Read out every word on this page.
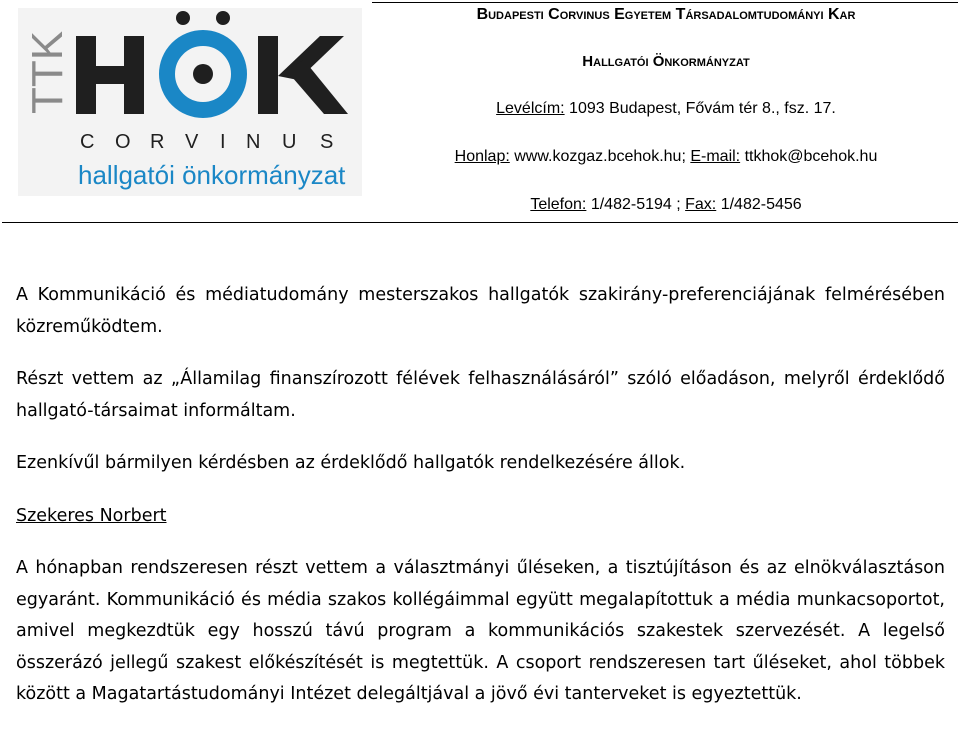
TTK
C O R V I N U S
hallgatói önkormányzat
Budapesti Corvinus Egyetem Társadalomtudományi Kar
Hallgatói Önkormányzat
Levélcím: 1093 Budapest, Fővám tér 8., fsz. 17.
Honlap: www.kozgaz.bcehok.hu; E-mail: ttkhok@bcehok.hu
Telefon: 1/482-5194 ; Fax: 1/482-5456

A Kommunikáció és médiatudomány mesterszakos hallgatók szakirány-preferenciájának felmérésében közreműködtem.

Részt vettem az „Államilag finanszírozott félévek felhasználásáról” szóló előadáson, melyről érdeklődő hallgató-társaimat informáltam.

Ezenkívűl bármilyen kérdésben az érdeklődő hallgatók rendelkezésére állok.

Szekeres Norbert

A hónapban rendszeresen részt vettem a választmányi űléseken, a tisztújításon és az elnökválasztáson egyaránt. Kommunikáció és média szakos kollégáimmal együtt megalapítottuk a média munkacsoportot, amivel megkezdtük egy hosszú távú program a kommunikációs szakestek szervezését. A legelső összerázó jellegű szakest előkészítését is megtettük. A csoport rendszeresen tart űléseket, ahol többek között a Magatartástudományi Intézet delegáltjával a jövő évi tanterveket is egyeztettük.
